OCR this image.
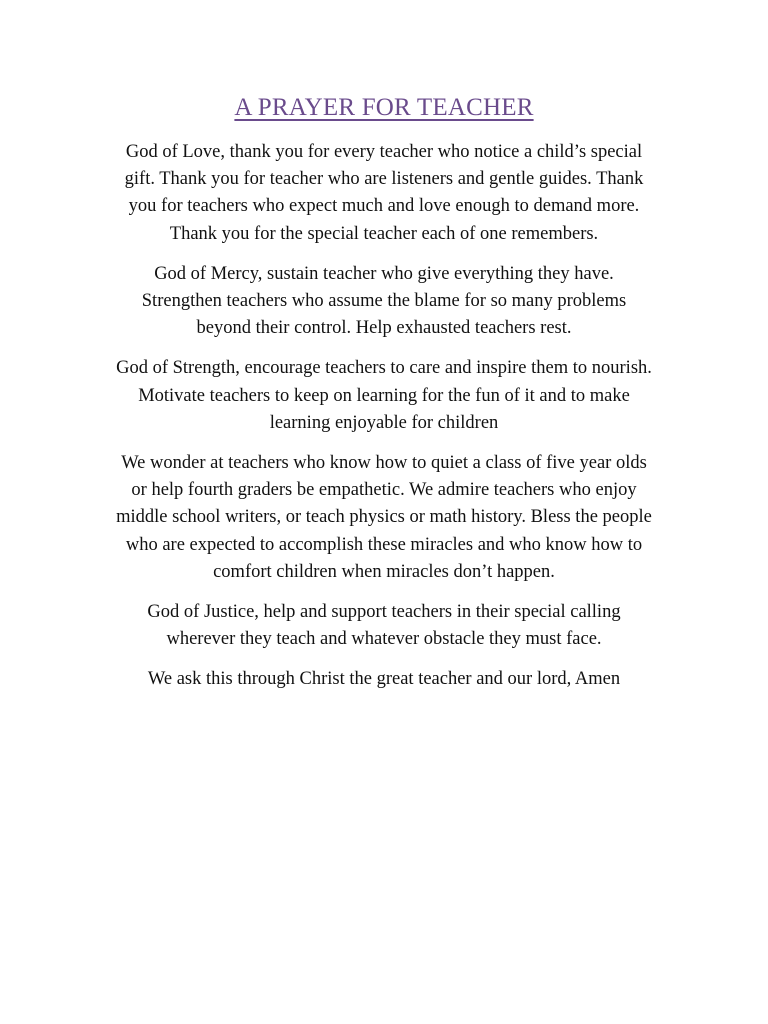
A PRAYER FOR TEACHER

God of Love, thank you for every teacher who notice a child’s special
gift. Thank you for teacher who are listeners and gentle guides. Thank
you for teachers who expect much and love enough to demand more.
Thank you for the special teacher each of one remembers.

God of Mercy, sustain teacher who give everything they have.
Strengthen teachers who assume the blame for so many problems
beyond their control. Help exhausted teachers rest.

God of Strength, encourage teachers to care and inspire them to nourish.
Motivate teachers to keep on learning for the fun of it and to make
learning enjoyable for children

We wonder at teachers who know how to quiet a class of five year olds
or help fourth graders be empathetic. We admire teachers who enjoy
middle school writers, or teach physics or math history. Bless the people
who are expected to accomplish these miracles and who know how to
comfort children when miracles don’t happen.

God of Justice, help and support teachers in their special calling
wherever they teach and whatever obstacle they must face.

We ask this through Christ the great teacher and our lord, Amen
